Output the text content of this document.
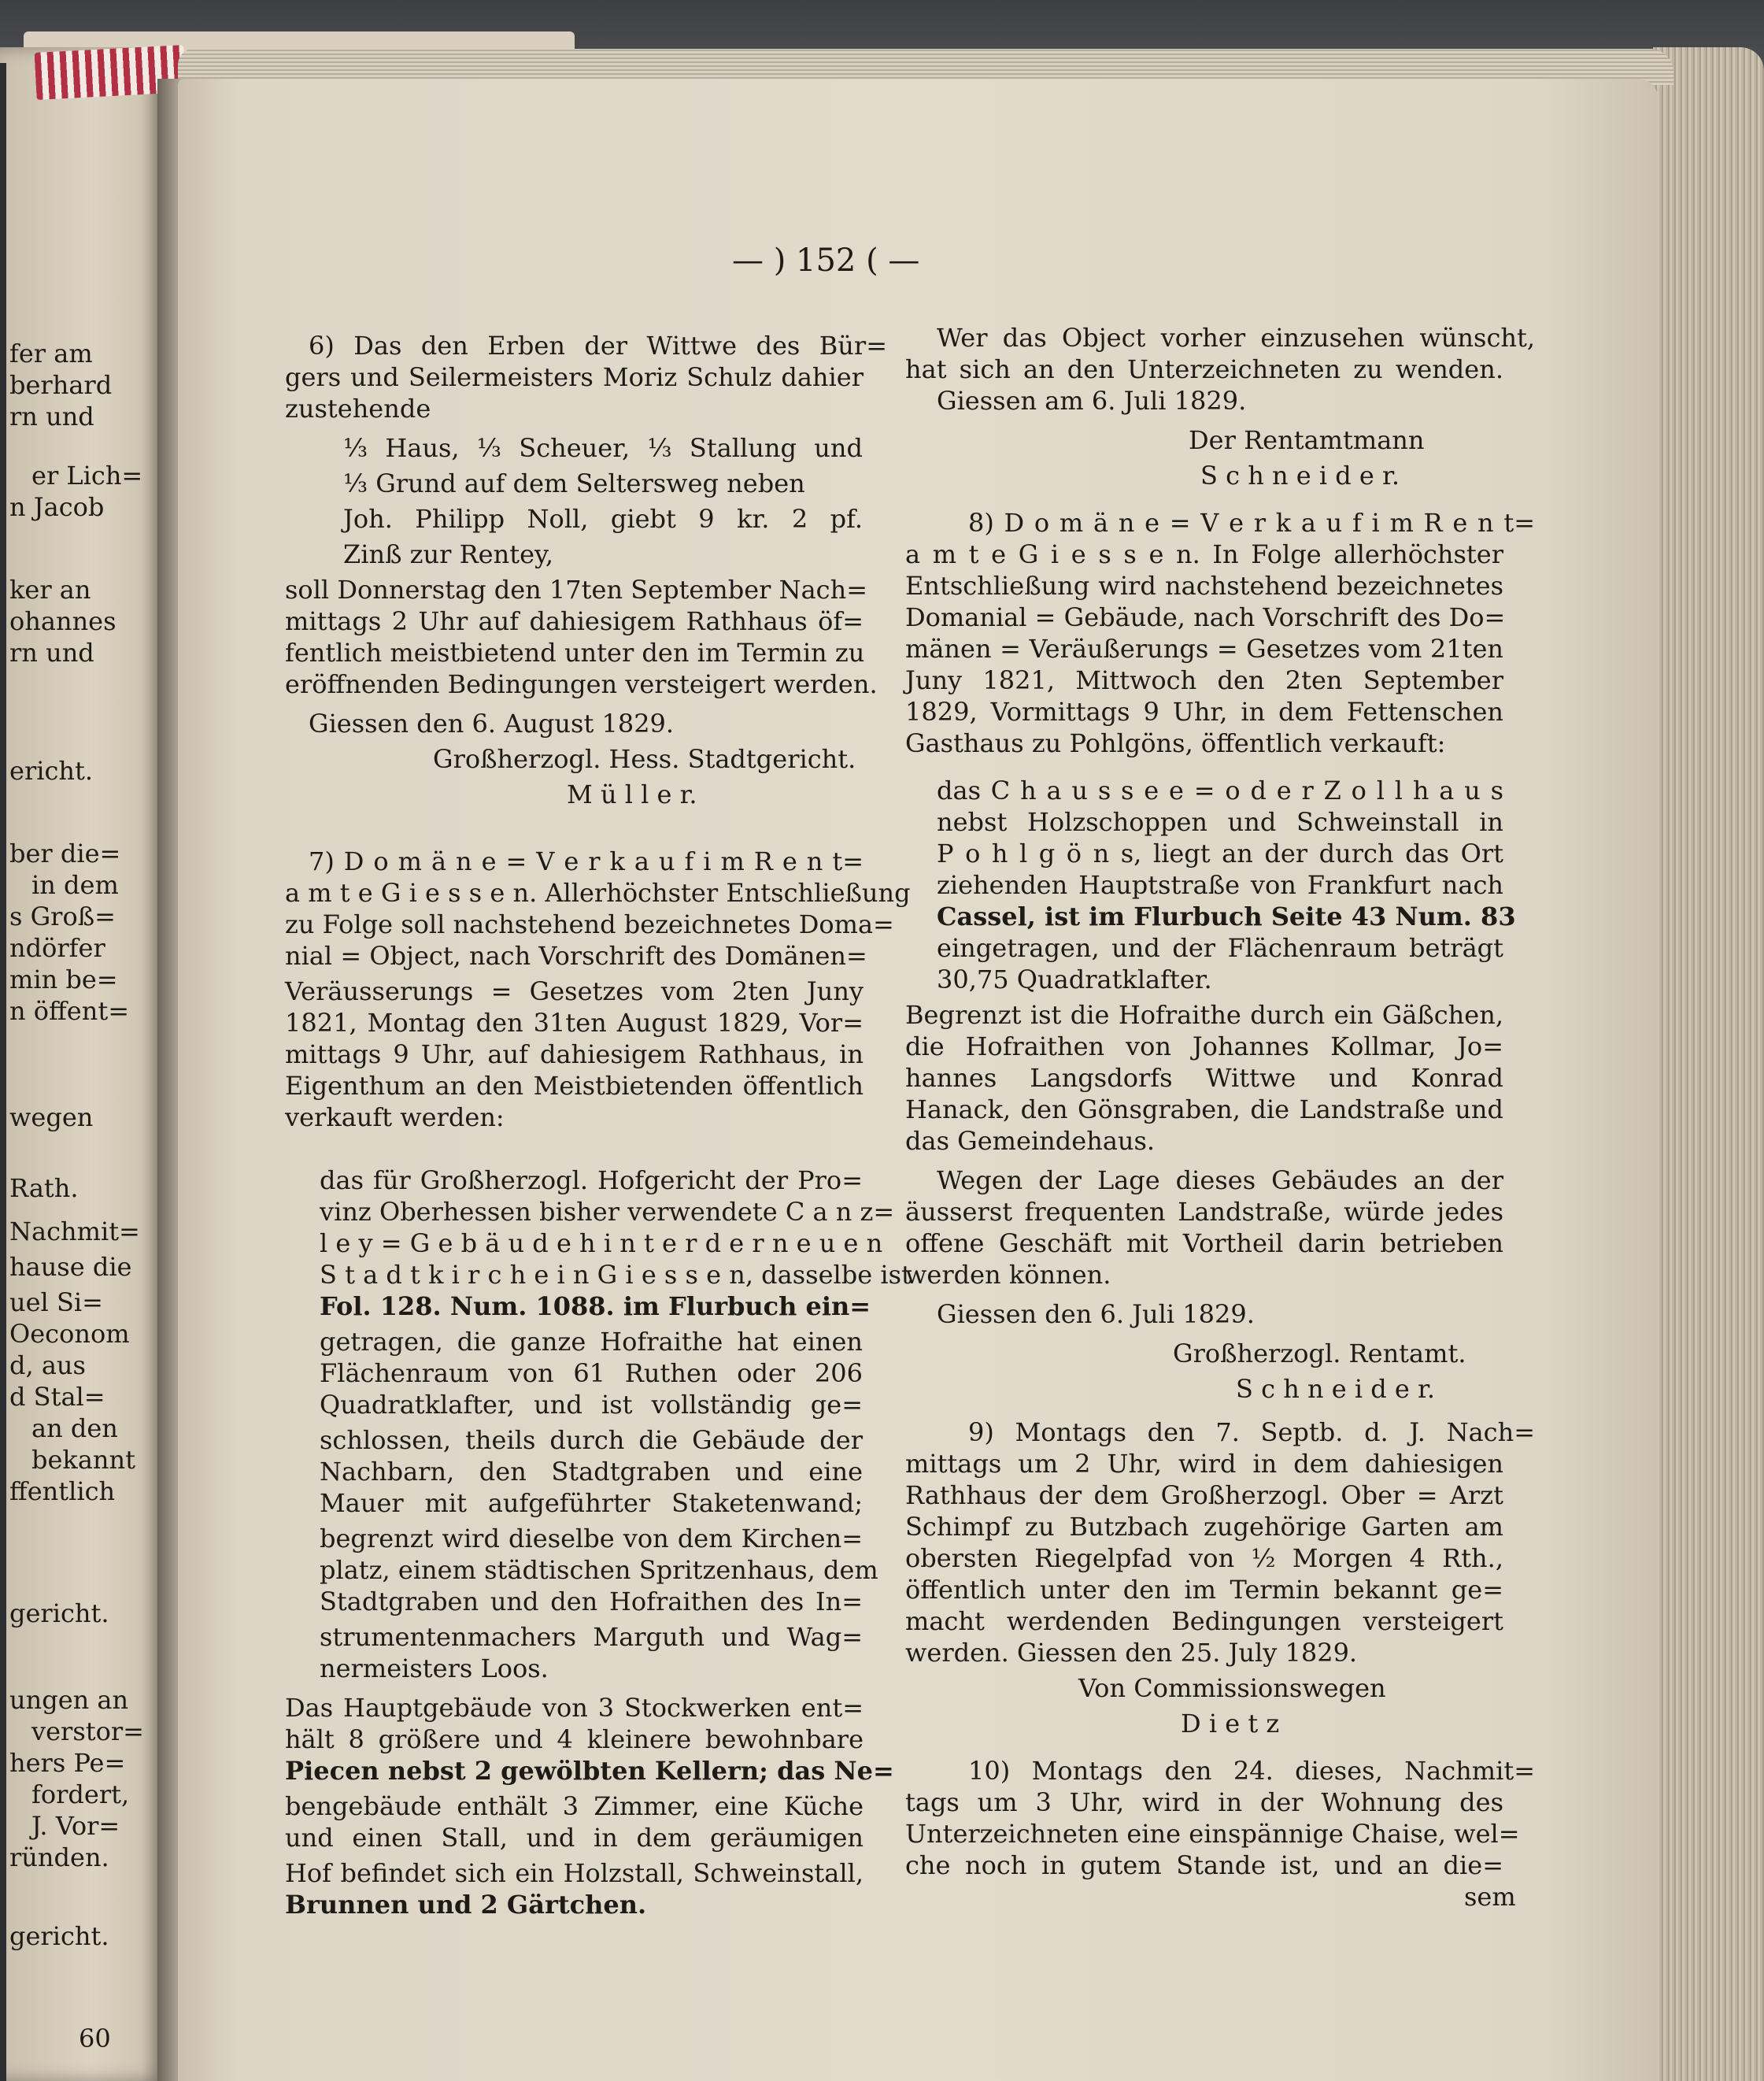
— ) 152 ( —
fer am
berhard
rn und
er Lich=
n Jacob
ker an
ohannes
rn und
ericht.
ber die=
in dem
s Groß=
ndörfer
min be=
n öffent=
wegen
Rath.
Nachmit=
hause die
uel Si=
Oeconom
d, aus
d Stal=
an den
bekannt
ffentlich
gericht.
ungen an
verstor=
hers Pe=
fordert,
J. Vor=
ründen.
gericht.
60
6) Das den Erben der Wittwe des Bür=
gers und Seilermeisters Moriz Schulz dahier
zustehende
⅓ Haus, ⅓ Scheuer, ⅓ Stallung und
⅓ Grund auf dem Seltersweg neben
Joh. Philipp Noll, giebt 9 kr. 2 pf.
Zinß zur Rentey,
soll Donnerstag den 17ten September Nach=
mittags 2 Uhr auf dahiesigem Rathhaus öf=
fentlich meistbietend unter den im Termin zu
eröffnenden Bedingungen versteigert werden.
Giessen den 6. August 1829.
Großherzogl. Hess. Stadtgericht.
M ü l l e r.
7) D o m ä n e = V e r k a u f i m R e n t=
a m t e G i e s s e n. Allerhöchster Entschließung
zu Folge soll nachstehend bezeichnetes Doma=
nial = Object, nach Vorschrift des Domänen=
Veräusserungs = Gesetzes vom 2ten Juny
1821, Montag den 31ten August 1829, Vor=
mittags 9 Uhr, auf dahiesigem Rathhaus, in
Eigenthum an den Meistbietenden öffentlich
verkauft werden:
das für Großherzogl. Hofgericht der Pro=
vinz Oberhessen bisher verwendete C a n z=
l e y = G e b ä u d e h i n t e r d e r n e u e n
S t a d t k i r c h e i n G i e s s e n, dasselbe ist
Fol. 128. Num. 1088. im Flurbuch ein=
getragen, die ganze Hofraithe hat einen
Flächenraum von 61 Ruthen oder 206
Quadratklafter, und ist vollständig ge=
schlossen, theils durch die Gebäude der
Nachbarn, den Stadtgraben und eine
Mauer mit aufgeführter Staketenwand;
begrenzt wird dieselbe von dem Kirchen=
platz, einem städtischen Spritzenhaus, dem
Stadtgraben und den Hofraithen des In=
strumentenmachers Marguth und Wag=
nermeisters Loos.
Das Hauptgebäude von 3 Stockwerken ent=
hält 8 größere und 4 kleinere bewohnbare
Piecen nebst 2 gewölbten Kellern; das Ne=
bengebäude enthält 3 Zimmer, eine Küche
und einen Stall, und in dem geräumigen
Hof befindet sich ein Holzstall, Schweinstall,
Brunnen und 2 Gärtchen.
Wer das Object vorher einzusehen wünscht,
hat sich an den Unterzeichneten zu wenden.
Giessen am 6. Juli 1829.
Der Rentamtmann
S c h n e i d e r.
8) D o m ä n e = V e r k a u f i m R e n t=
a m t e G i e s s e n. In Folge allerhöchster
Entschließung wird nachstehend bezeichnetes
Domanial = Gebäude, nach Vorschrift des Do=
mänen = Veräußerungs = Gesetzes vom 21ten
Juny 1821, Mittwoch den 2ten September
1829, Vormittags 9 Uhr, in dem Fettenschen
Gasthaus zu Pohlgöns, öffentlich verkauft:
das C h a u s s e e = o d e r Z o l l h a u s
nebst Holzschoppen und Schweinstall in
P o h l g ö n s, liegt an der durch das Ort
ziehenden Hauptstraße von Frankfurt nach
Cassel, ist im Flurbuch Seite 43 Num. 83
eingetragen, und der Flächenraum beträgt
30,75 Quadratklafter.
Begrenzt ist die Hofraithe durch ein Gäßchen,
die Hofraithen von Johannes Kollmar, Jo=
hannes Langsdorfs Wittwe und Konrad
Hanack, den Gönsgraben, die Landstraße und
das Gemeindehaus.
Wegen der Lage dieses Gebäudes an der
äusserst frequenten Landstraße, würde jedes
offene Geschäft mit Vortheil darin betrieben
werden können.
Giessen den 6. Juli 1829.
Großherzogl. Rentamt.
S c h n e i d e r.
9) Montags den 7. Septb. d. J. Nach=
mittags um 2 Uhr, wird in dem dahiesigen
Rathhaus der dem Großherzogl. Ober = Arzt
Schimpf zu Butzbach zugehörige Garten am
obersten Riegelpfad von ½ Morgen 4 Rth.,
öffentlich unter den im Termin bekannt ge=
macht werdenden Bedingungen versteigert
werden. Giessen den 25. July 1829.
Von Commissionswegen
D i e t z
10) Montags den 24. dieses, Nachmit=
tags um 3 Uhr, wird in der Wohnung des
Unterzeichneten eine einspännige Chaise, wel=
che noch in gutem Stande ist, und an die=
sem
